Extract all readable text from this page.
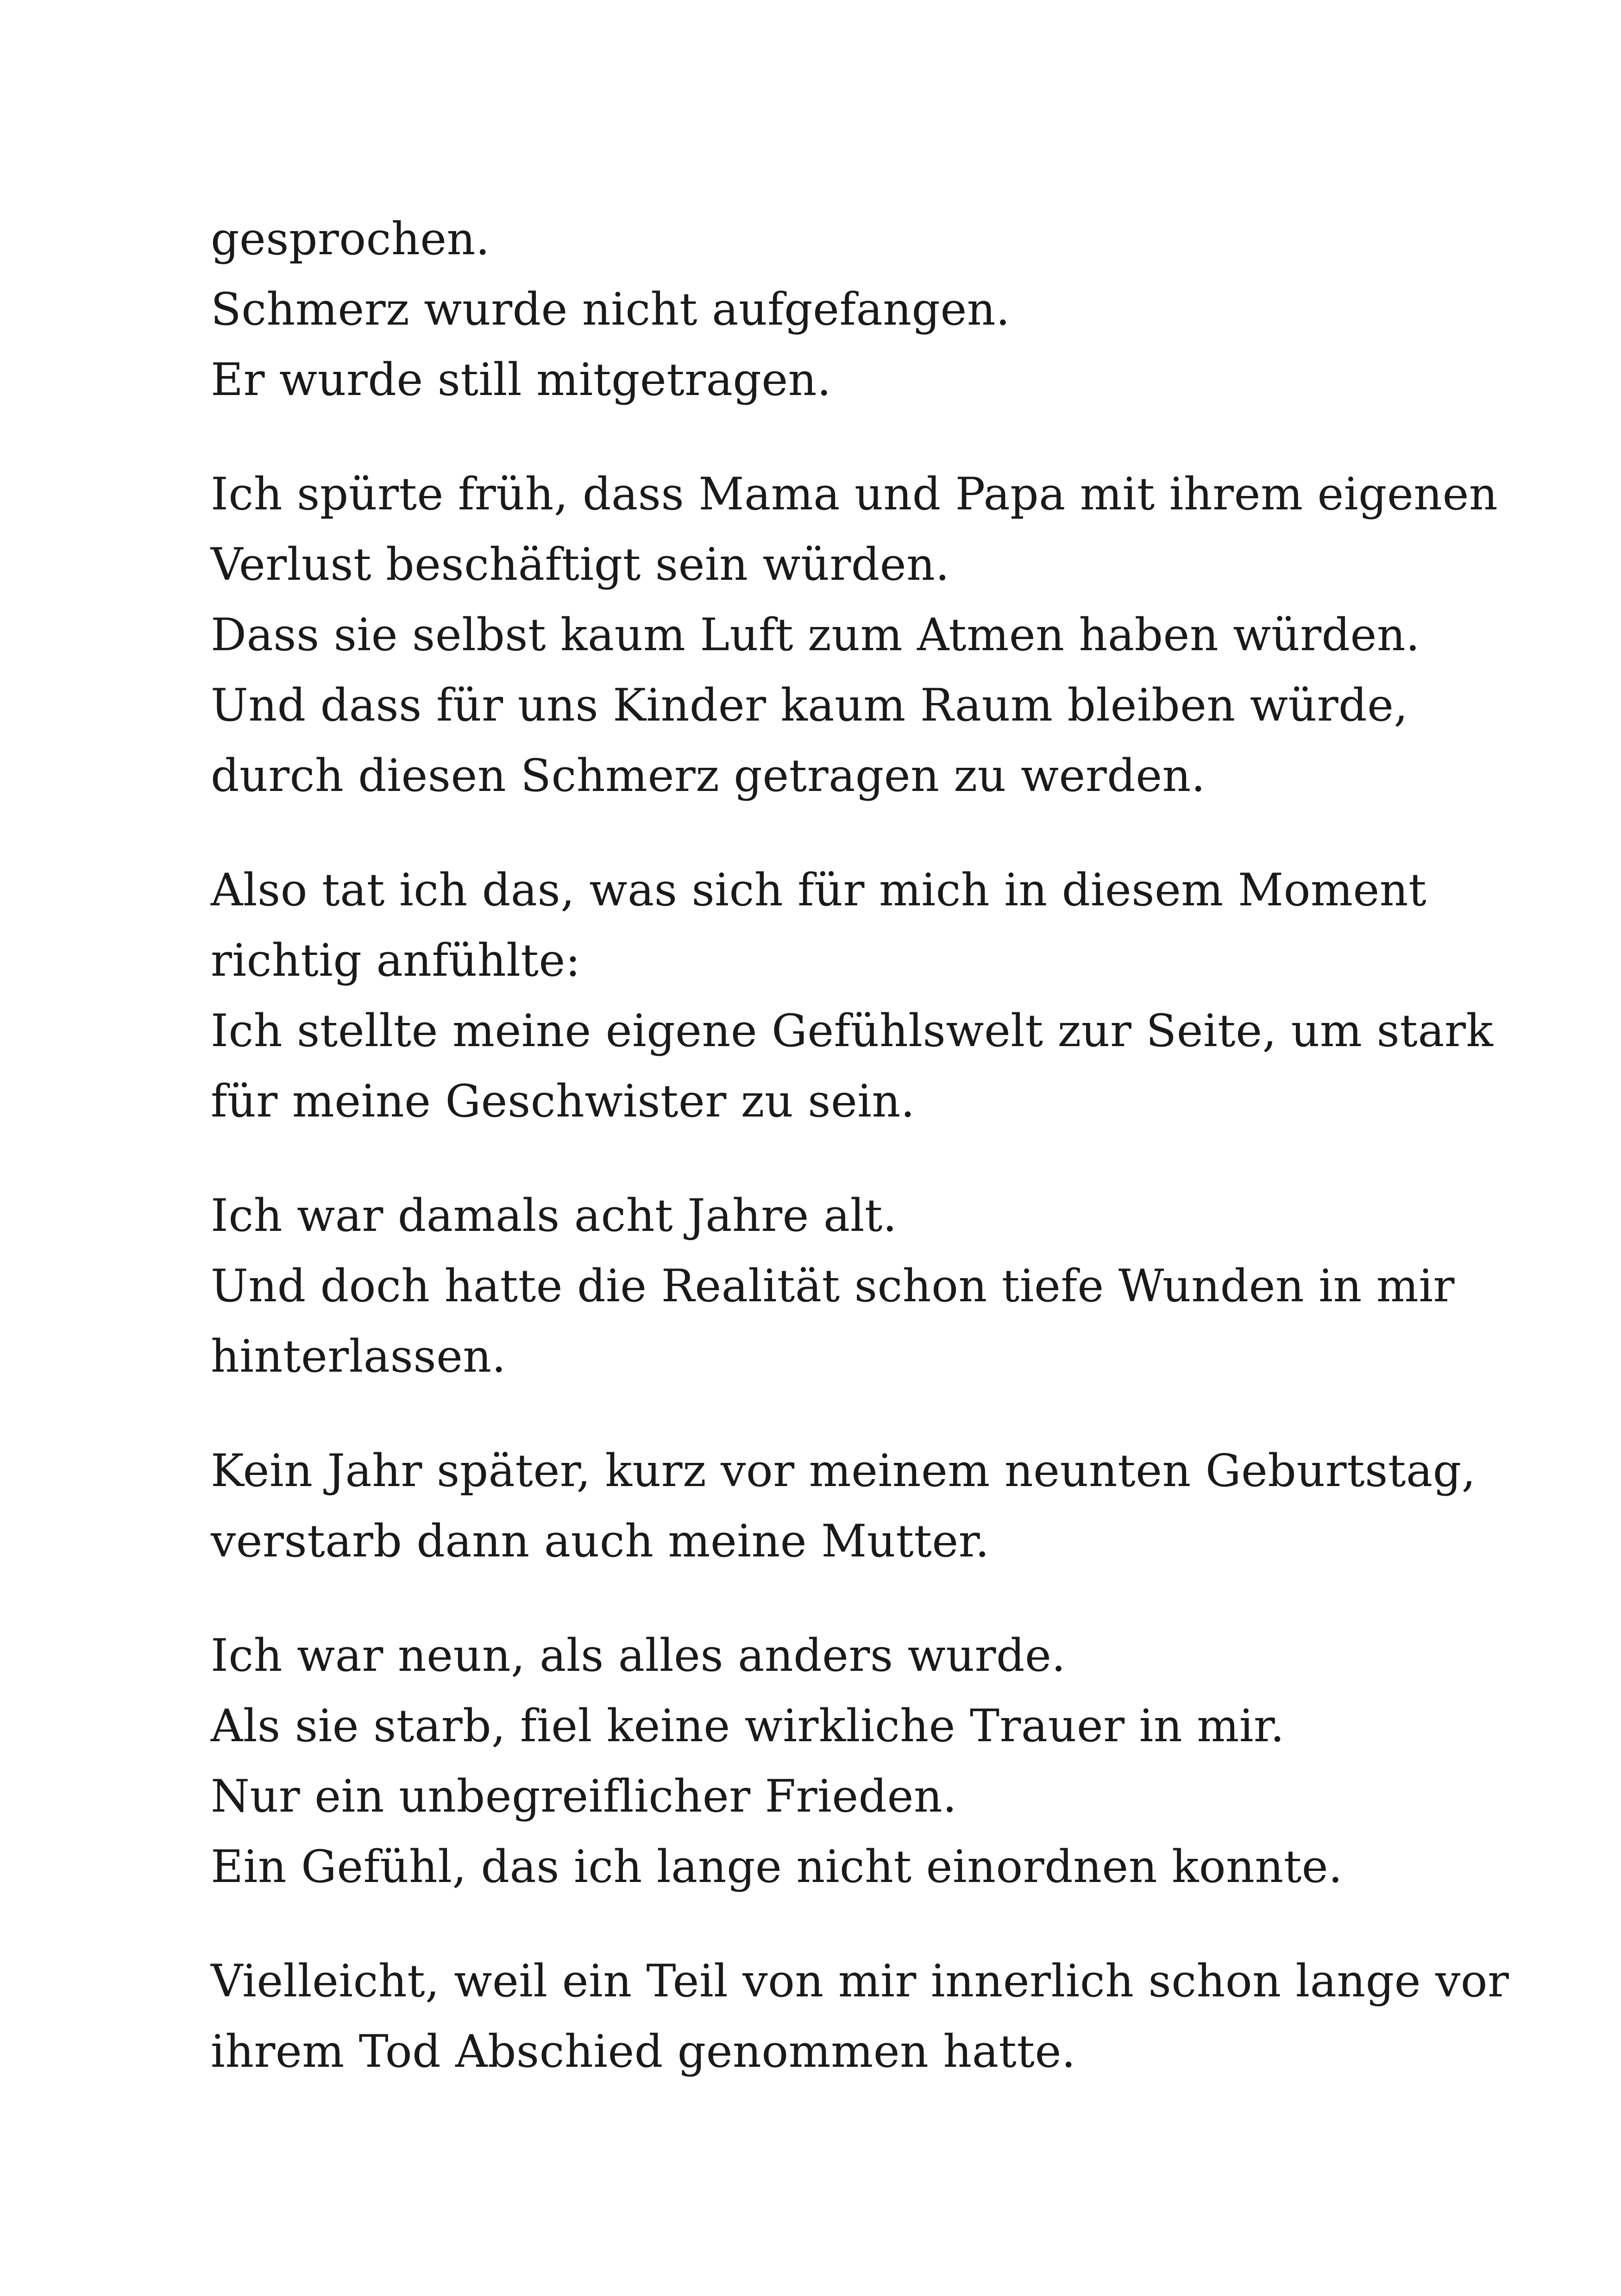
gesprochen.
Schmerz wurde nicht aufgefangen.
Er wurde still mitgetragen.

Ich spürte früh, dass Mama und Papa mit ihrem eigenen
Verlust beschäftigt sein würden.
Dass sie selbst kaum Luft zum Atmen haben würden.
Und dass für uns Kinder kaum Raum bleiben würde,
durch diesen Schmerz getragen zu werden.

Also tat ich das, was sich für mich in diesem Moment
richtig anfühlte:
Ich stellte meine eigene Gefühlswelt zur Seite, um stark
für meine Geschwister zu sein.

Ich war damals acht Jahre alt.
Und doch hatte die Realität schon tiefe Wunden in mir
hinterlassen.

Kein Jahr später, kurz vor meinem neunten Geburtstag,
verstarb dann auch meine Mutter.

Ich war neun, als alles anders wurde.
Als sie starb, fiel keine wirkliche Trauer in mir.
Nur ein unbegreiflicher Frieden.
Ein Gefühl, das ich lange nicht einordnen konnte.

Vielleicht, weil ein Teil von mir innerlich schon lange vor
ihrem Tod Abschied genommen hatte.
